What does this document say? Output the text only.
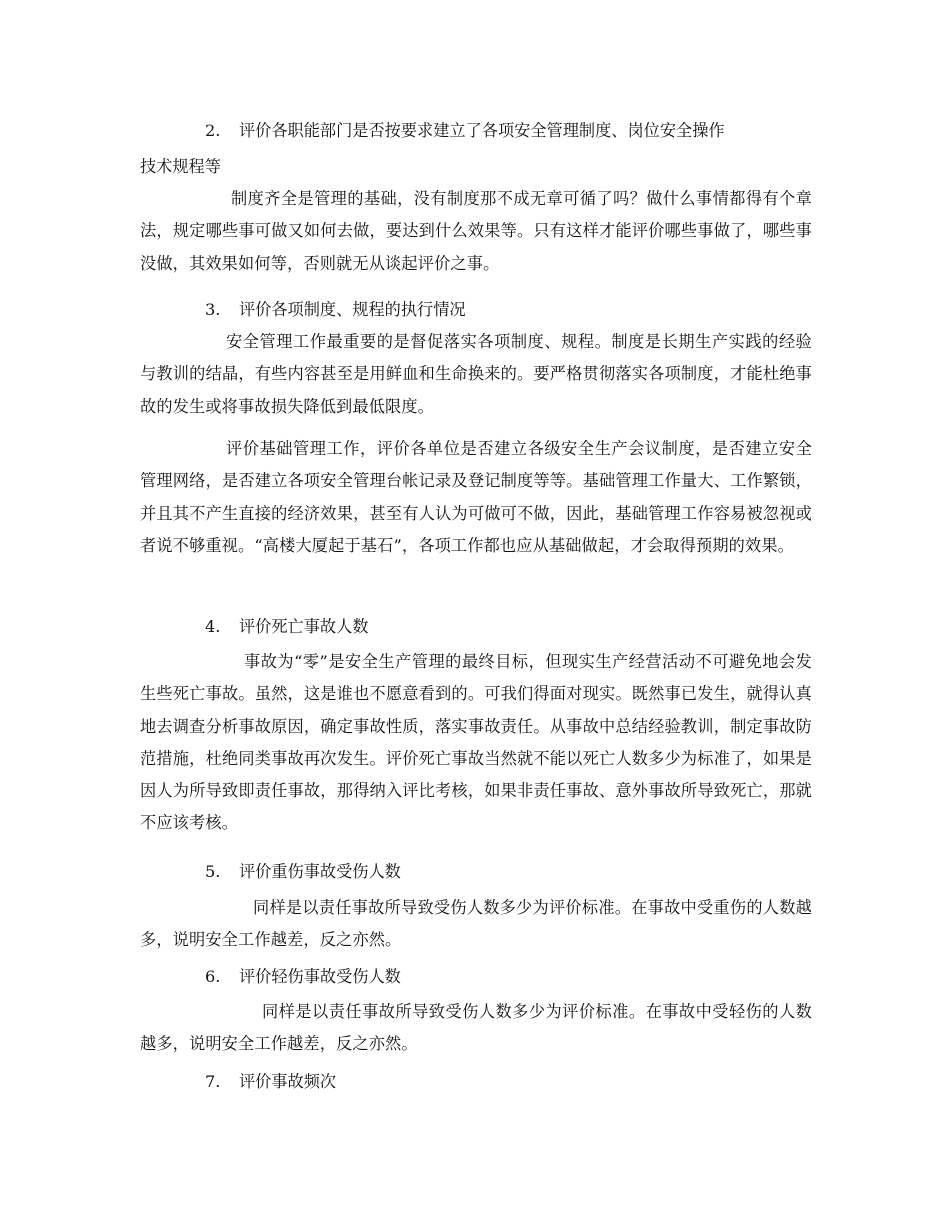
2. 评价各职能部门是否按要求建立了各项安全管理制度、岗位安全操作
技术规程等

制度齐全是管理的基础，没有制度那不成无章可循了吗？做什么事情都得有个章法，规定哪些事可做又如何去做，要达到什么效果等。只有这样才能评价哪些事做了，哪些事没做，其效果如何等，否则就无从谈起评价之事。

3. 评价各项制度、规程的执行情况

安全管理工作最重要的是督促落实各项制度、规程。制度是长期生产实践的经验与教训的结晶，有些内容甚至是用鲜血和生命换来的。要严格贯彻落实各项制度，才能杜绝事故的发生或将事故损失降低到最低限度。

评价基础管理工作，评价各单位是否建立各级安全生产会议制度，是否建立安全管理网络，是否建立各项安全管理台帐记录及登记制度等等。基础管理工作量大、工作繁锁，并且其不产生直接的经济效果，甚至有人认为可做可不做，因此，基础管理工作容易被忽视或者说不够重视。“高楼大厦起于基石”，各项工作都也应从基础做起，才会取得预期的效果。

4. 评价死亡事故人数

事故为“零”是安全生产管理的最终目标，但现实生产经营活动不可避免地会发生些死亡事故。虽然，这是谁也不愿意看到的。可我们得面对现实。既然事已发生，就得认真地去调查分析事故原因，确定事故性质，落实事故责任。从事故中总结经验教训，制定事故防范措施，杜绝同类事故再次发生。评价死亡事故当然就不能以死亡人数多少为标准了，如果是因人为所导致即责任事故，那得纳入评比考核，如果非责任事故、意外事故所导致死亡，那就不应该考核。

5. 评价重伤事故受伤人数

同样是以责任事故所导致受伤人数多少为评价标准。在事故中受重伤的人数越多，说明安全工作越差，反之亦然。

6. 评价轻伤事故受伤人数

同样是以责任事故所导致受伤人数多少为评价标准。在事故中受轻伤的人数越多，说明安全工作越差，反之亦然。

7. 评价事故频次
